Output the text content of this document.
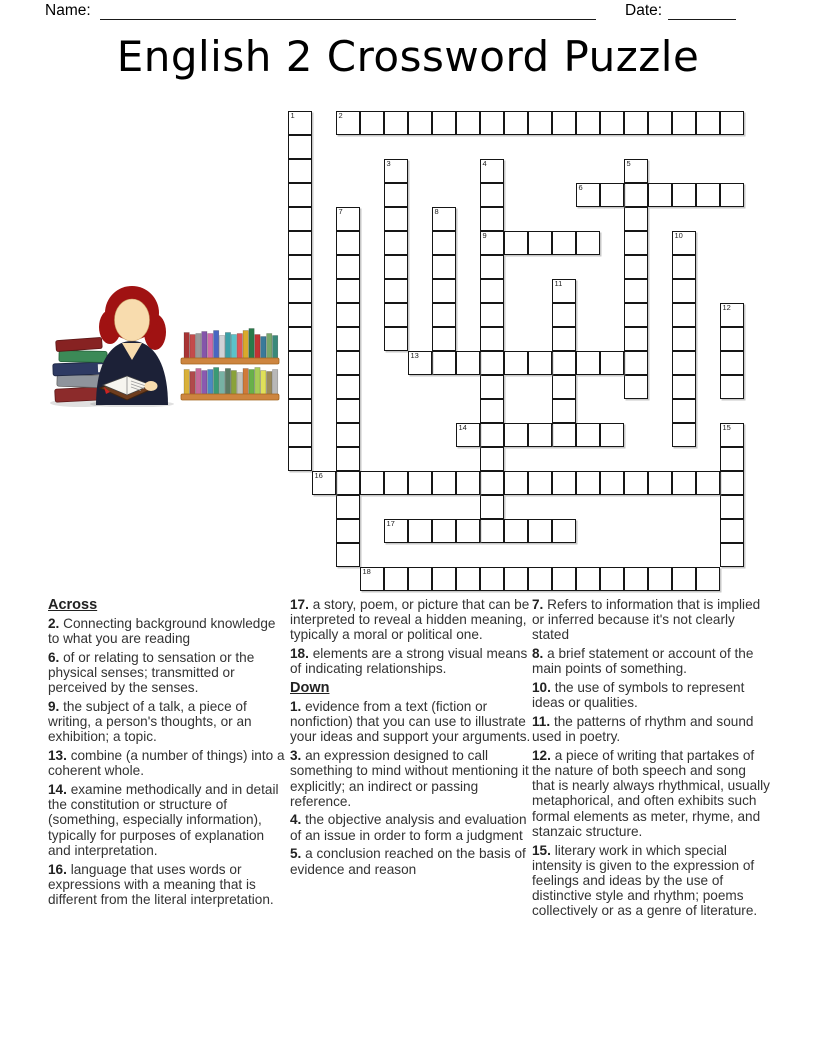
Name:	Date:
English 2 Crossword Puzzle
1	2
3	4
9
5
6
7	8
10
11
12
13
14	15
16
17
18
Across
2. Connecting background knowledge to what you are reading
6. of or relating to sensation or the physical senses; transmitted or perceived by the senses.
9. the subject of a talk, a piece of writing, a person's thoughts, or an exhibition; a topic.
13. combine (a number of things) into a coherent whole.
14. examine methodically and in detail the constitution or structure of (something, especially information), typically for purposes of explanation and interpretation.
16. language that uses words or expressions with a meaning that is different from the literal interpretation.
17. a story, poem, or picture that can be interpreted to reveal a hidden meaning, typically a moral or political one.
18. elements are a strong visual means of indicating relationships.
Down
1. evidence from a text (fiction or nonfiction) that you can use to illustrate your ideas and support your arguments.
3. an expression designed to call something to mind without mentioning it explicitly; an indirect or passing reference.
4. the objective analysis and evaluation of an issue in order to form a judgment
5. a conclusion reached on the basis of evidence and reason
7. Refers to information that is implied or inferred because it's not clearly stated
8. a brief statement or account of the main points of something.
10. the use of symbols to represent ideas or qualities.
11. the patterns of rhythm and sound used in poetry.
12. a piece of writing that partakes of the nature of both speech and song that is nearly always rhythmical, usually metaphorical, and often exhibits such formal elements as meter, rhyme, and stanzaic structure.
15. literary work in which special intensity is given to the expression of feelings and ideas by the use of distinctive style and rhythm; poems collectively or as a genre of literature.
